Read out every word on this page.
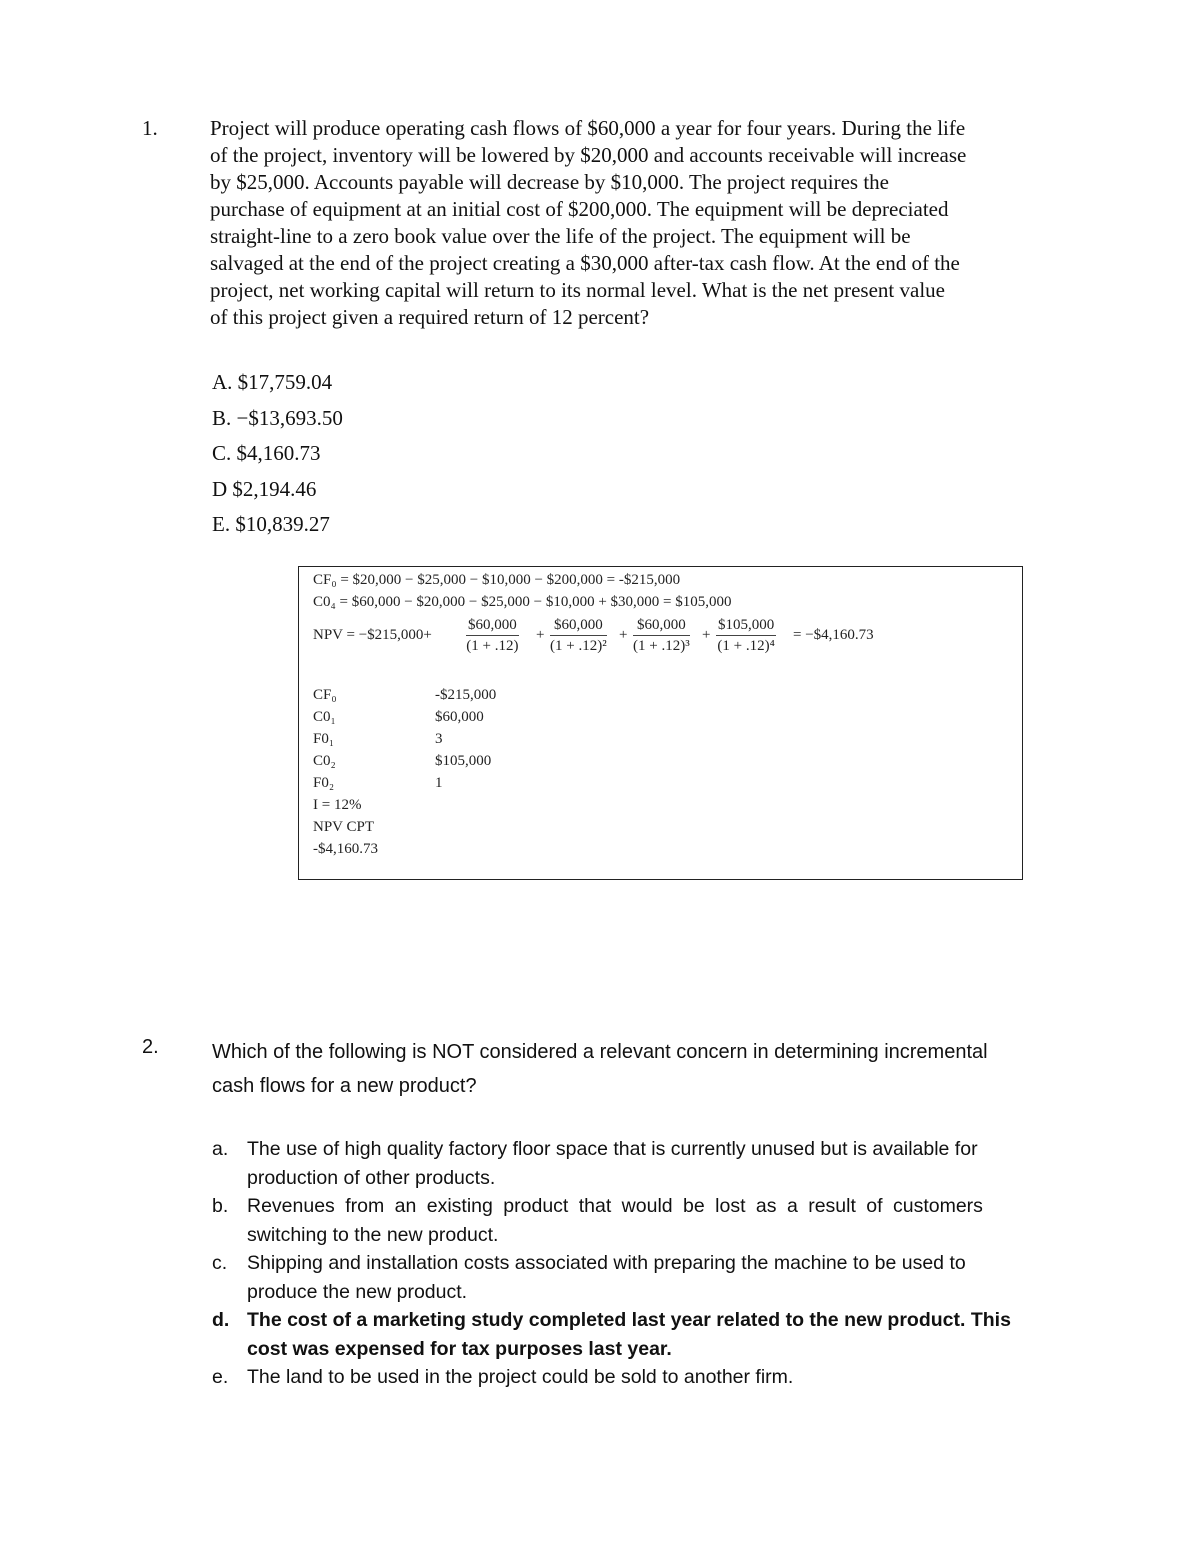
1. Project will produce operating cash flows of $60,000 a year for four years. During the life
of the project, inventory will be lowered by $20,000 and accounts receivable will increase
by $25,000. Accounts payable will decrease by $10,000. The project requires the
purchase of equipment at an initial cost of $200,000. The equipment will be depreciated
straight-line to a zero book value over the life of the project. The equipment will be
salvaged at the end of the project creating a $30,000 after-tax cash flow. At the end of the
project, net working capital will return to its normal level. What is the net present value
of this project given a required return of 12 percent?
A. $17,759.04
B. −$13,693.50
C. $4,160.73
D $2,194.46
E. $10,839.27
CF₀ = $20,000 − $25,000 − $10,000 − $200,000 = -$215,000
C0₄ = $60,000 − $20,000 − $25,000 − $10,000 + $30,000 = $105,000
NPV = −$215,000+ $\frac{\$60,000}{(1 + .12)} + \frac{\$60,000}{\text{(1 + .12)²}} + \frac{\$60,000}{\text{(1 + .12)³}} + \frac{\$105,000}{\text{(1 + .12)⁴}}$ = −$4,160.73
CF₀	-$215,000
C0₁	$60,000
F0₁	3
C0₂	$105,000
F0₂	1
I = 12%
NPV CPT
-$4,160.73
2.	Which of the following is NOT considered a relevant concern in determining incremental
cash flows for a new product?
a. The use of high quality factory floor space that is currently unused but is available for
production of other products.
b. Revenues from an existing product that would be lost as a result of customers
switching to the new product.
c. Shipping and installation costs associated with preparing the machine to be used to
produce the new product.
d. The cost of a marketing study completed last year related to the new product. This
cost was expensed for tax purposes last year.
e. The land to be used in the project could be sold to another firm.
